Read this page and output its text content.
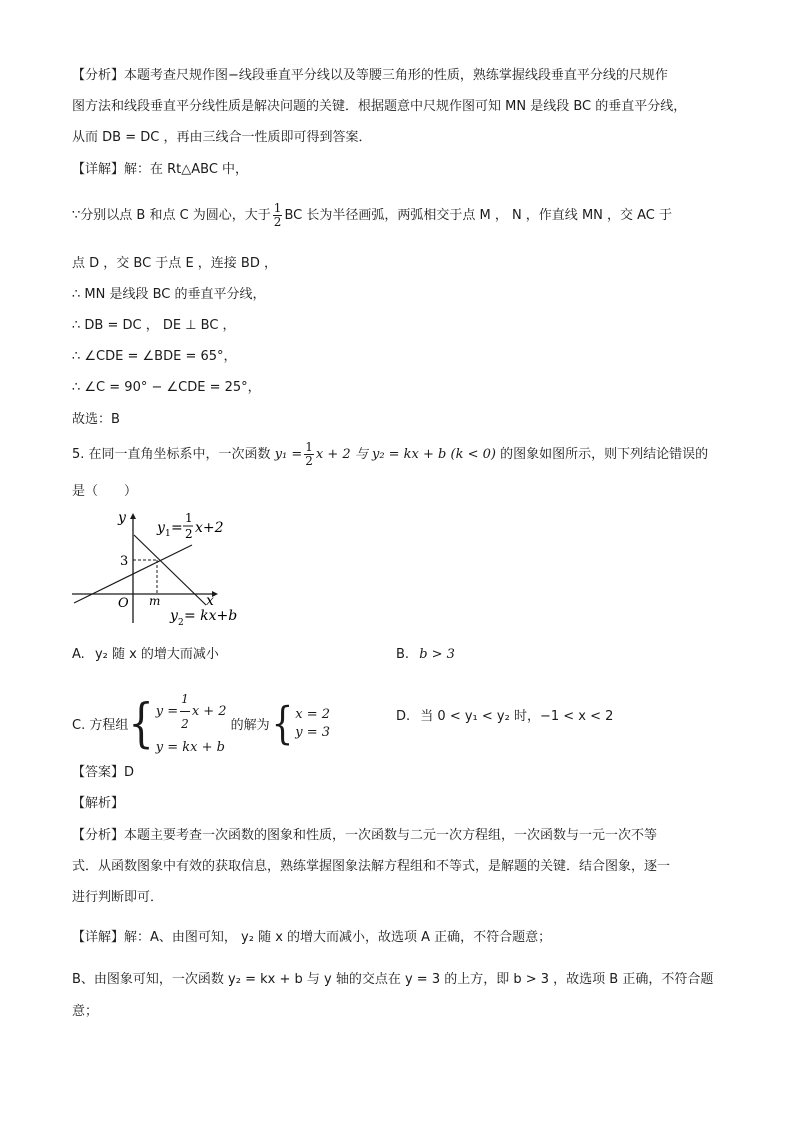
【分析】本题考查尺规作图−线段垂直平分线以及等腰三角形的性质，熟练掌握线段垂直平分线的尺规作
图方法和线段垂直平分线性质是解决问题的关键．根据题意中尺规作图可知 MN 是线段 BC 的垂直平分线，
从而 DB = DC ，再由三线合一性质即可得到答案．
【详解】解：在 Rt△ABC 中，
∵分别以点 B 和点 C 为圆心，大于 $\frac{1}{2}$ BC 长为半径画弧，两弧相交于点 M ， N ，作直线 MN ，交 AC 于
点 D ，交 BC 于点 E ，连接 BD ，
∴ MN 是线段 BC 的垂直平分线，
∴ DB = DC ， DE ⊥ BC ，
∴ ∠CDE = ∠BDE = 65°，
∴ ∠C = 90° − ∠CDE = 25°，
故选：B
5. 在同一直角坐标系中，一次函数 $y_1 = \frac{1}{2}$ x + 2 与 y₂ = kx + b (k < 0) 的图象如图所示，则下列结论错误的
是（　　）
y
x
O m
3
y 1 =
1
2 x+2
y 2 = kx+b
A. y₂ 随 x 的增大而减小	B. b > 3
C. 方程组 { $y = \frac{1}{2}$ x + 2
y = kx + b
的解为 { x = 2
y = 3
D. 当 0 < y₁ < y₂ 时，−1 < x < 2
【答案】D
【解析】
【分析】本题主要考查一次函数的图象和性质，一次函数与二元一次方程组，一次函数与一元一次不等
式．从函数图象中有效的获取信息，熟练掌握图象法解方程组和不等式，是解题的关键．结合图象，逐一
进行判断即可．
【详解】解：A、由图可知， y₂ 随 x 的增大而减小，故选项 A 正确，不符合题意；
B、由图象可知，一次函数 y₂ = kx + b 与 y 轴的交点在 y = 3 的上方，即 b > 3 ，故选项 B 正确，不符合题
意；
